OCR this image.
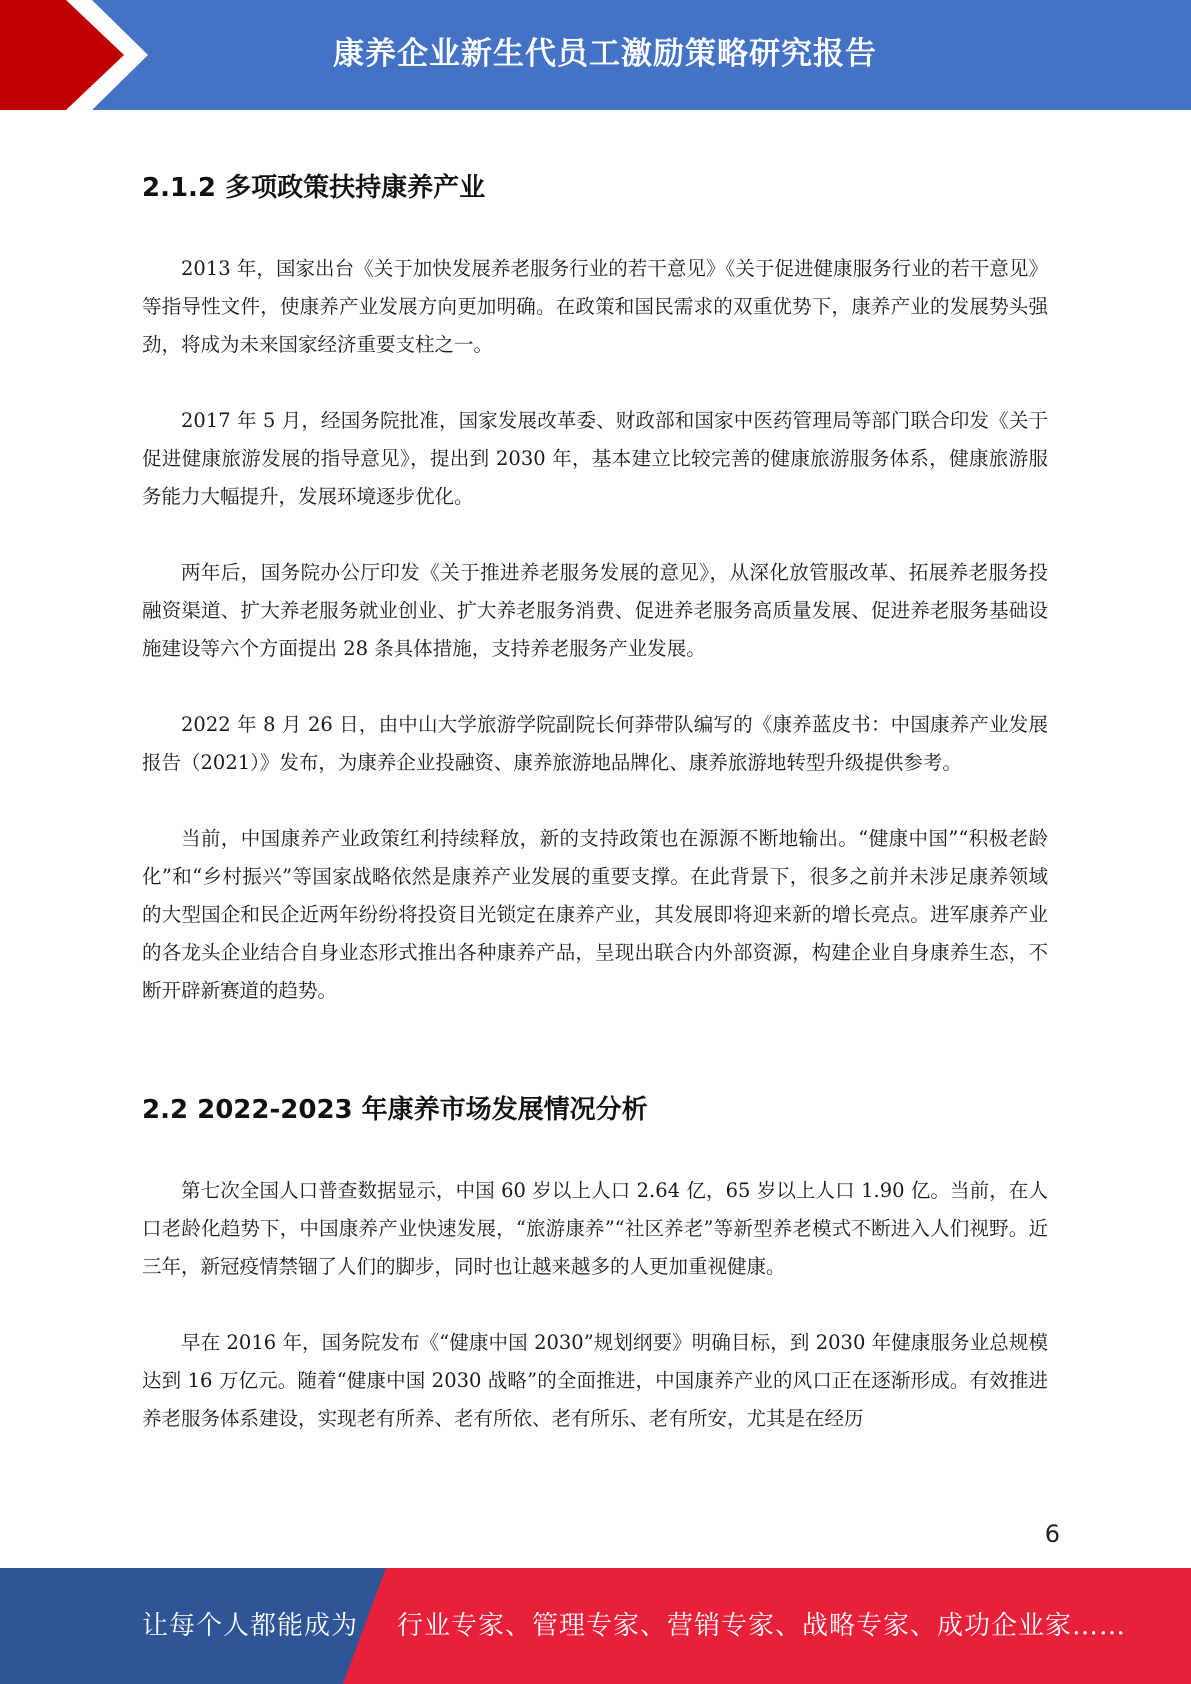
康养企业新生代员工激励策略研究报告
2.1.2 多项政策扶持康养产业

2013 年，国家出台《关于加快发展养老服务行业的若干意见》《关于促进健康服务行业的若干意见》等指导性文件，使康养产业发展方向更加明确。在政策和国民需求的双重优势下，康养产业的发展势头强劲，将成为未来国家经济重要支柱之一。

2017 年 5 月，经国务院批准，国家发展改革委、财政部和国家中医药管理局等部门联合印发《关于促进健康旅游发展的指导意见》，提出到 2030 年，基本建立比较完善的健康旅游服务体系，健康旅游服务能力大幅提升，发展环境逐步优化。

两年后，国务院办公厅印发《关于推进养老服务发展的意见》，从深化放管服改革、拓展养老服务投融资渠道、扩大养老服务就业创业、扩大养老服务消费、促进养老服务高质量发展、促进养老服务基础设施建设等六个方面提出 28 条具体措施，支持养老服务产业发展。

2022 年 8 月 26 日，由中山大学旅游学院副院长何莽带队编写的《康养蓝皮书：中国康养产业发展报告（2021）》发布，为康养企业投融资、康养旅游地品牌化、康养旅游地转型升级提供参考。

当前，中国康养产业政策红利持续释放，新的支持政策也在源源不断地输出。“健康中国”“积极老龄化”和“乡村振兴”等国家战略依然是康养产业发展的重要支撑。在此背景下，很多之前并未涉足康养领域的大型国企和民企近两年纷纷将投资目光锁定在康养产业，其发展即将迎来新的增长亮点。进军康养产业的各龙头企业结合自身业态形式推出各种康养产品，呈现出联合内外部资源，构建企业自身康养生态，不断开辟新赛道的趋势。

2.2 2022-2023 年康养市场发展情况分析

第七次全国人口普查数据显示，中国 60 岁以上人口 2.64 亿，65 岁以上人口 1.90 亿。当前，在人口老龄化趋势下，中国康养产业快速发展，“旅游康养”“社区养老”等新型养老模式不断进入人们视野。近三年，新冠疫情禁锢了人们的脚步，同时也让越来越多的人更加重视健康。

早在 2016 年，国务院发布《“健康中国 2030”规划纲要》明确目标，到 2030 年健康服务业总规模达到 16 万亿元。随着“健康中国 2030 战略”的全面推进，中国康养产业的风口正在逐渐形成。有效推进养老服务体系建设，实现老有所养、老有所依、老有所乐、老有所安，尤其是在经历

6
让每个人都能成为 行业专家、管理专家、营销专家、战略专家、成功企业家……
